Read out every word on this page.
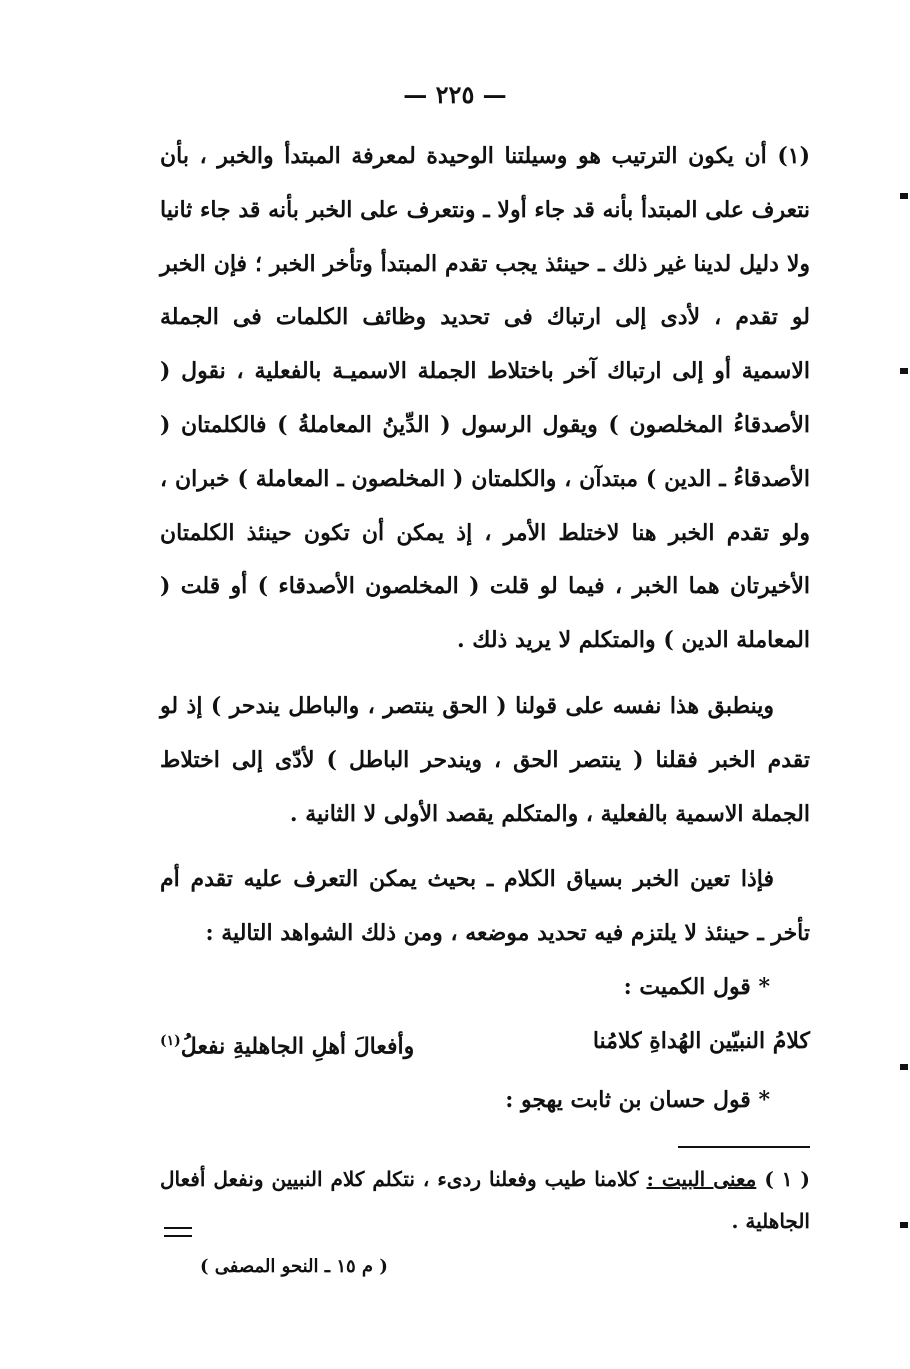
— ٢٢٥ —

(١) أن يكون الترتيب هو وسيلتنا الوحيدة لمعرفة المبتدأ والخبر ، بأن نتعرف على المبتدأ بأنه قد جاء أولا ـ ونتعرف على الخبر بأنه قد جاء ثانيا ولا دليل لدينا غير ذلك ـ حينئذ يجب تقدم المبتدأ وتأخر الخبر ؛ فإن الخبر لو تقدم ، لأدى إلى ارتباك فى تحديد وظائف الكلمات فى الجملة الاسمية أو إلى ارتباك آخر باختلاط الجملة الاسميـة بالفعلية ، نقول ( الأصدقاءُ المخلصون ) ويقول الرسول ( الدِّينُ المعاملةُ ) فالكلمتان ( الأصدقاءُ ـ الدين ) مبتدآن ، والكلمتان ( المخلصون ـ المعاملة ) خبران ، ولو تقدم الخبر هنا لاختلط الأمر ، إذ يمكن أن تكون حينئذ الكلمتان الأخيرتان هما الخبر ، فيما لو قلت ( المخلصون الأصدقاء ) أو قلت ( المعاملة الدين ) والمتكلم لا يريد ذلك .

وينطبق هذا نفسه على قولنا ( الحق ينتصر ، والباطل يندحر ) إذ لو تقدم الخبر فقلنا ( ينتصر الحق ، ويندحر الباطل ) لأدّى إلى اختلاط الجملة الاسمية بالفعلية ، والمتكلم يقصد الأولى لا الثانية .

فإذا تعين الخبر بسياق الكلام ـ بحيث يمكن التعرف عليه تقدم أم تأخر ـ حينئذ لا يلتزم فيه تحديد موضعه ، ومن ذلك الشواهد التالية :

* قول الكميت :

كلامُ النبيّين الهُداةِ كلامُنا
وأفعالَ أهلِ الجاهليةِ نفعلُ$^{(١)}$

* قول حسان بن ثابت يهجو :

( ١ ) معنى البيت : كلامنا طيب وفعلنا ردىء ، نتكلم كلام النبيين ونفعل أفعال الجاهلية .
( م ١٥ ـ النحو المصفى )
